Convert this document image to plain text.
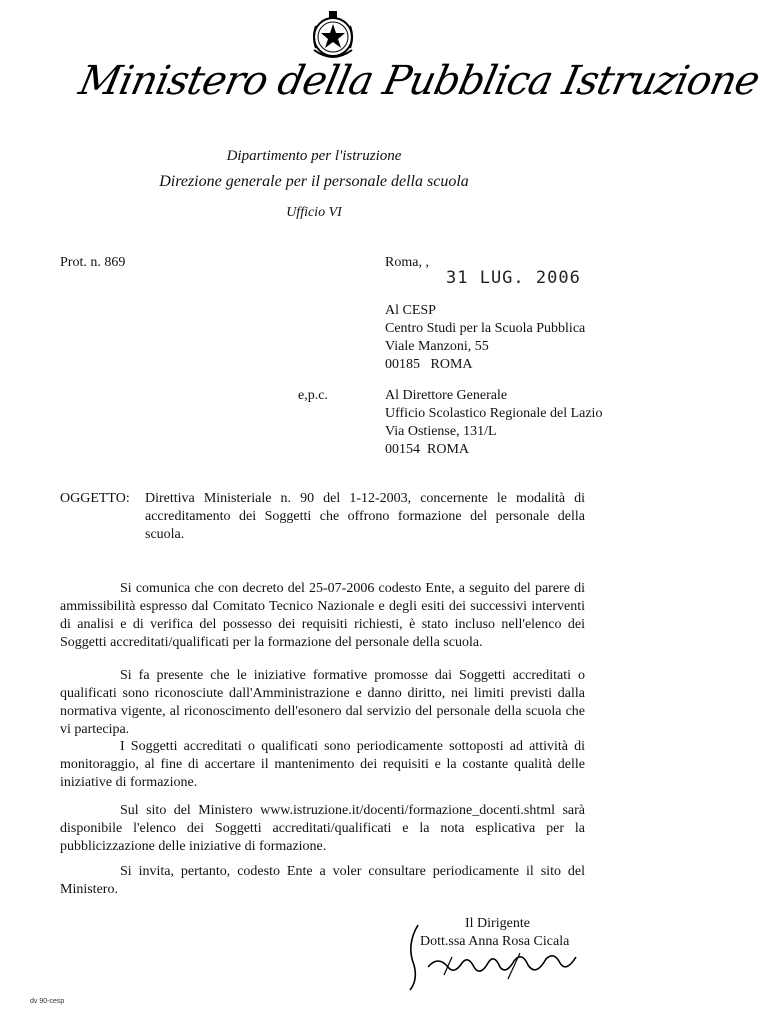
Ministero della Pubblica Istruzione
Dipartimento per l'istruzione
Direzione generale per il personale della scuola
Ufficio VI
Prot. n. 869	Roma, ,
31 LUG. 2006
Al CESP
Centro Studi per la Scuola Pubblica
Viale Manzoni, 55
00185   ROMA
e,p.c.	Al Direttore Generale
Ufficio Scolastico Regionale del Lazio
Via Ostiense, 131/L
00154  ROMA
OGGETTO: Direttiva Ministeriale n. 90 del 1-12-2003, concernente le modalità di accreditamento dei Soggetti che offrono formazione del personale della scuola.
Si comunica che con decreto del 25-07-2006 codesto Ente, a seguito del parere di ammissibilità espresso dal Comitato Tecnico Nazionale e degli esiti dei successivi interventi di analisi e di verifica del possesso dei requisiti richiesti, è stato incluso nell'elenco dei Soggetti accreditati/qualificati per la formazione del personale della scuola.
Si fa presente che le iniziative formative promosse dai Soggetti accreditati o qualificati sono riconosciute dall'Amministrazione e danno diritto, nei limiti previsti dalla normativa vigente, al riconoscimento dell'esonero dal servizio del personale della scuola che vi partecipa.
I Soggetti accreditati o qualificati sono periodicamente sottoposti ad attività di monitoraggio, al fine di accertare il mantenimento dei requisiti e la costante qualità delle iniziative di formazione.
Sul sito del Ministero www.istruzione.it/docenti/formazione_docenti.shtml sarà disponibile l'elenco dei Soggetti accreditati/qualificati e la nota esplicativa per la pubblicizzazione delle iniziative di formazione.
Si invita, pertanto, codesto Ente a voler consultare periodicamente il sito del Ministero.
Il Dirigente
Dott.ssa Anna Rosa Cicala
dv 90-cesp
